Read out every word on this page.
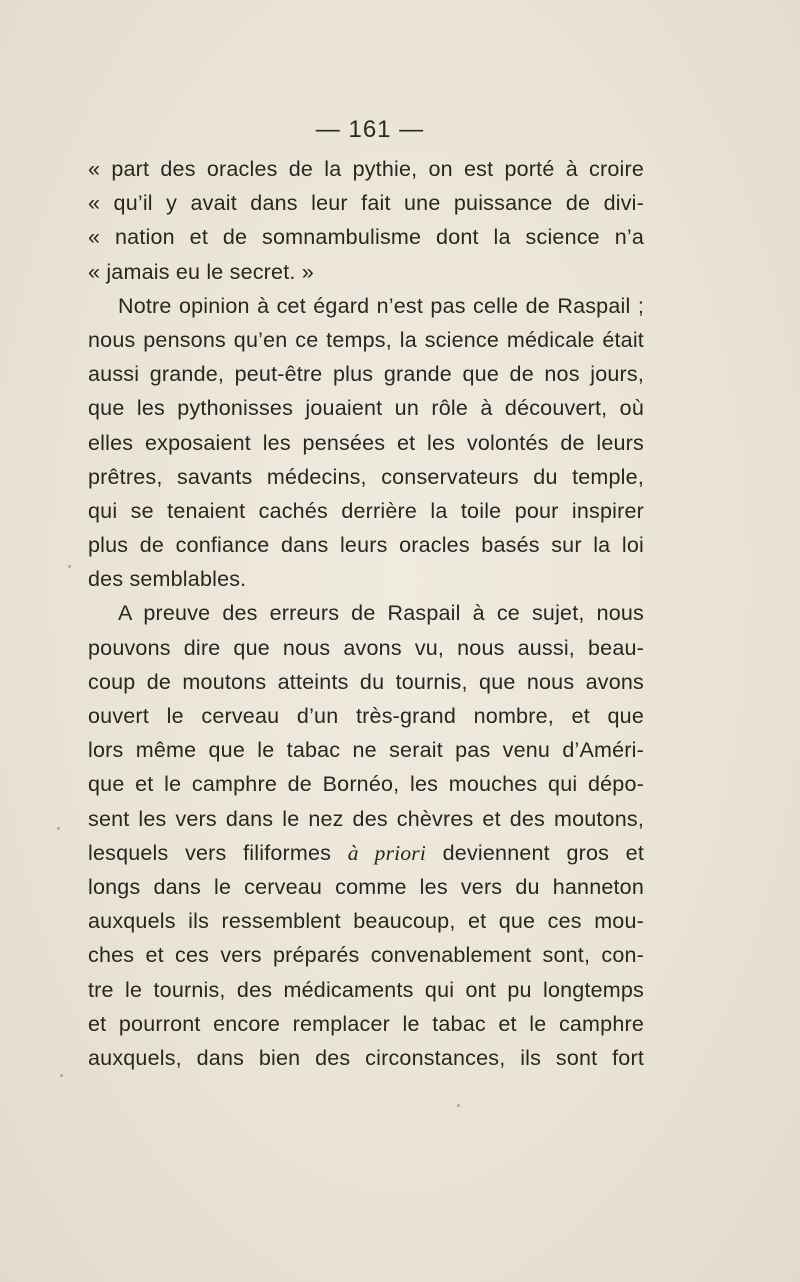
— 161 —
« part des oracles de la pythie, on est porté à croire
« qu’il y avait dans leur fait une puissance de divi-
« nation et de somnambulisme dont la science n’a
« jamais eu le secret. »
Notre opinion à cet égard n’est pas celle de Raspail ;
nous pensons qu’en ce temps, la science médicale était
aussi grande, peut-être plus grande que de nos jours,
que les pythonisses jouaient un rôle à découvert, où
elles exposaient les pensées et les volontés de leurs
prêtres, savants médecins, conservateurs du temple,
qui se tenaient cachés derrière la toile pour inspirer
plus de confiance dans leurs oracles basés sur la loi
des semblables.
A preuve des erreurs de Raspail à ce sujet, nous
pouvons dire que nous avons vu, nous aussi, beau-
coup de moutons atteints du tournis, que nous avons
ouvert le cerveau d’un très-grand nombre, et que
lors même que le tabac ne serait pas venu d’Améri-
que et le camphre de Bornéo, les mouches qui dépo-
sent les vers dans le nez des chèvres et des moutons,
lesquels vers filiformes à priori deviennent gros et
longs dans le cerveau comme les vers du hanneton
auxquels ils ressemblent beaucoup, et que ces mou-
ches et ces vers préparés convenablement sont, con-
tre le tournis, des médicaments qui ont pu longtemps
et pourront encore remplacer le tabac et le camphre
auxquels, dans bien des circonstances, ils sont fort
